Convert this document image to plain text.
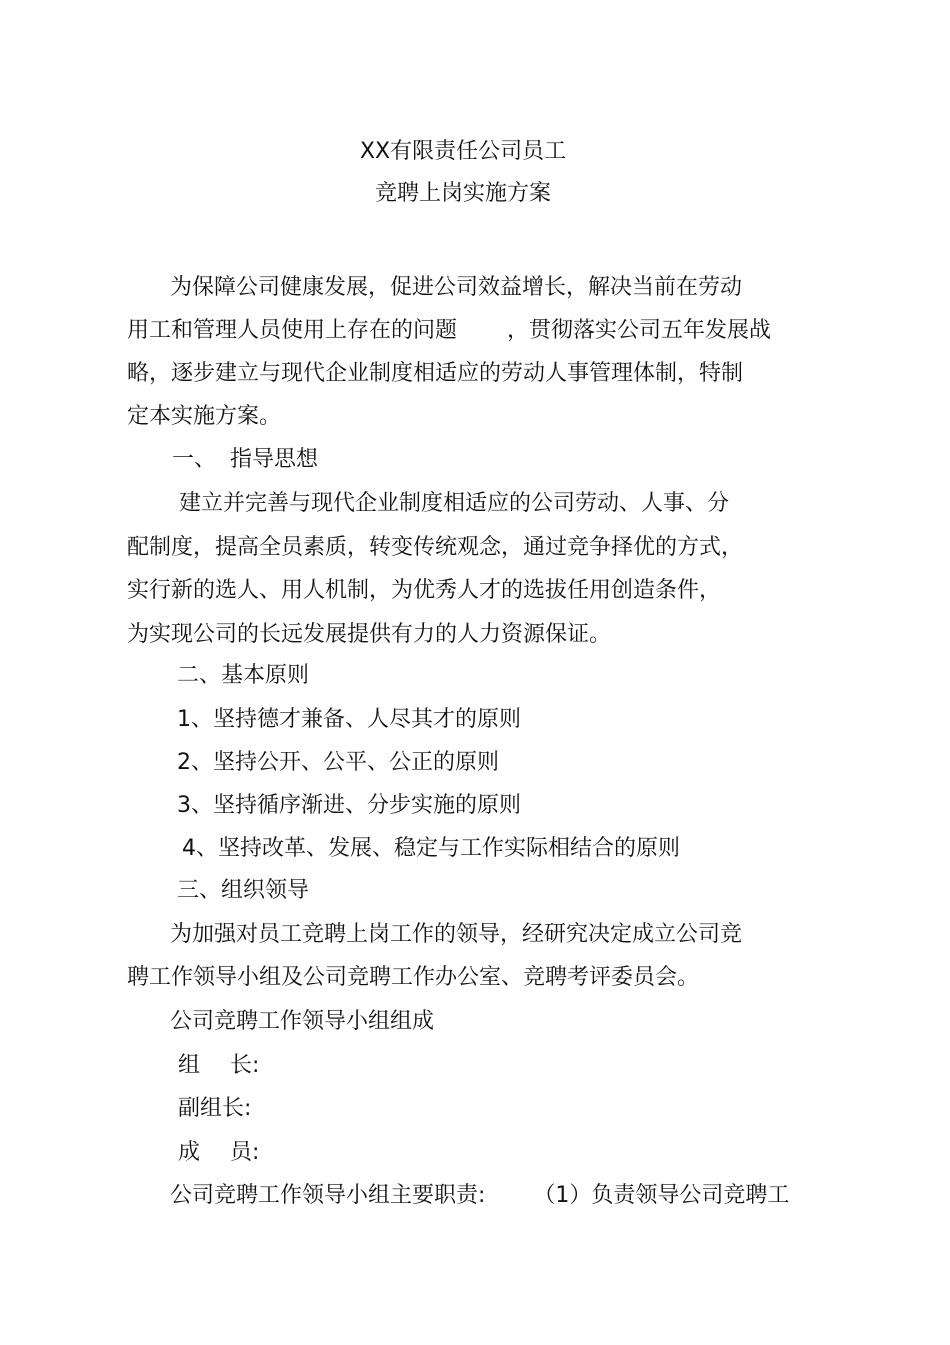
XX有限责任公司员工
竞聘上岗实施方案
为保障公司健康发展，促进公司效益增长，解决当前在劳动
用工和管理人员使用上存在的问题 ，贯彻落实公司五年发展战
略，逐步建立与现代企业制度相适应的劳动人事管理体制，特制
定本实施方案。
一、 指导思想
建立并完善与现代企业制度相适应的公司劳动、人事、分
配制度，提高全员素质，转变传统观念，通过竞争择优的方式，
实行新的选人、用人机制，为优秀人才的选拔任用创造条件，
为实现公司的长远发展提供有力的人力资源保证。
二、基本原则
1、坚持德才兼备、人尽其才的原则
2、坚持公开、公平、公正的原则
3、坚持循序渐进、分步实施的原则
4、坚持改革、发展、稳定与工作实际相结合的原则
三、组织领导
为加强对员工竞聘上岗工作的领导，经研究决定成立公司竞
聘工作领导小组及公司竞聘工作办公室、竞聘考评委员会。
公司竞聘工作领导小组组成
组 长:
副组长:
成 员:
公司竞聘工作领导小组主要职责: （1）负责领导公司竞聘工
